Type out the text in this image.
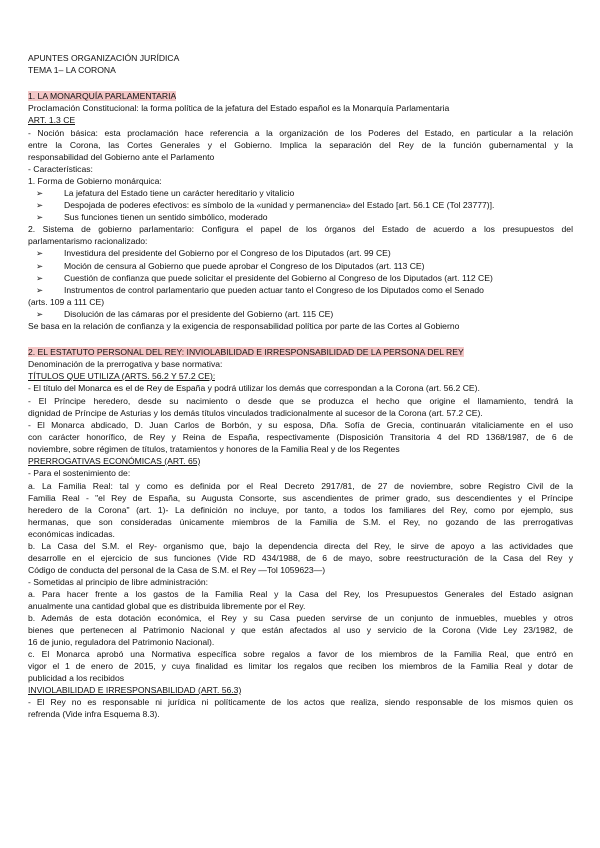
APUNTES ORGANIZACIÓN JURÍDICA
TEMA 1– LA CORONA
1. LA MONARQUÍA PARLAMENTARIA
Proclamación Constitucional: la forma política de la jefatura del Estado español es la Monarquía Parlamentaria
ART. 1.3 CE
- Noción básica: esta proclamación hace referencia a la organización de los Poderes del Estado, en particular a la relación
entre la Corona, las Cortes Generales y el Gobierno. Implica la separación del Rey de la función gubernamental y la
responsabilidad del Gobierno ante el Parlamento
- Características:
1. Forma de Gobierno monárquica:
➢	La jefatura del Estado tiene un carácter hereditario y vitalicio
➢	Despojada de poderes efectivos: es símbolo de la «unidad y permanencia» del Estado [art. 56.1 CE (Tol 23777)].
➢	Sus funciones tienen un sentido simbólico, moderado
2. Sistema de gobierno parlamentario: Configura el papel de los órganos del Estado de acuerdo a los presupuestos del
parlamentarismo racionalizado:
➢	Investidura del presidente del Gobierno por el Congreso de los Diputados (art. 99 CE)
➢	Moción de censura al Gobierno que puede aprobar el Congreso de los Diputados (art. 113 CE)
➢	Cuestión de confianza que puede solicitar el presidente del Gobierno al Congreso de los Diputados (art. 112 CE)
➢	Instrumentos de control parlamentario que pueden actuar tanto el Congreso de los Diputados como el Senado
(arts. 109 a 111 CE)
➢	Disolución de las cámaras por el presidente del Gobierno (art. 115 CE)
Se basa en la relación de confianza y la exigencia de responsabilidad política por parte de las Cortes al Gobierno
2. EL ESTATUTO PERSONAL DEL REY: INVIOLABILIDAD E IRRESPONSABILIDAD DE LA PERSONA DEL REY
Denominación de la prerrogativa y base normativa:
TÍTULOS QUE UTILIZA (ARTS. 56.2 Y 57.2 CE):
- El título del Monarca es el de Rey de España y podrá utilizar los demás que correspondan a la Corona (art. 56.2 CE).
- El Príncipe heredero, desde su nacimiento o desde que se produzca el hecho que origine el llamamiento, tendrá la
dignidad de Príncipe de Asturias y los demás títulos vinculados tradicionalmente al sucesor de la Corona (art. 57.2 CE).
- El Monarca abdicado, D. Juan Carlos de Borbón, y su esposa, Dña. Sofía de Grecia, continuarán vitaliciamente en el uso
con carácter honorífico, de Rey y Reina de España, respectivamente (Disposición Transitoria 4 del RD 1368/1987, de 6 de
noviembre, sobre régimen de títulos, tratamientos y honores de la Familia Real y de los Regentes
PRERROGATIVAS ECONÓMICAS (ART. 65)
- Para el sostenimiento de:
a. La Familia Real: tal y como es definida por el Real Decreto 2917/81, de 27 de noviembre, sobre Registro Civil de la
Familia Real - "el Rey de España, su Augusta Consorte, sus ascendientes de primer grado, sus descendientes y el Príncipe
heredero de la Corona" (art. 1)- La definición no incluye, por tanto, a todos los familiares del Rey, como por ejemplo, sus
hermanas, que son consideradas únicamente miembros de la Familia de S.M. el Rey, no gozando de las prerrogativas
económicas indicadas.
b. La Casa del S.M. el Rey- organismo que, bajo la dependencia directa del Rey, le sirve de apoyo a las actividades que
desarrolle en el ejercicio de sus funciones (Vide RD 434/1988, de 6 de mayo, sobre reestructuración de la Casa del Rey y
Código de conducta del personal de la Casa de S.M. el Rey —Tol 1059623—)
- Sometidas al principio de libre administración:
a. Para hacer frente a los gastos de la Familia Real y la Casa del Rey, los Presupuestos Generales del Estado asignan
anualmente una cantidad global que es distribuida libremente por el Rey.
b. Además de esta dotación económica, el Rey y su Casa pueden servirse de un conjunto de inmuebles, muebles y otros
bienes que pertenecen al Patrimonio Nacional y que están afectados al uso y servicio de la Corona (Vide Ley 23/1982, de
16 de junio, reguladora del Patrimonio Nacional).
c. El Monarca aprobó una Normativa específica sobre regalos a favor de los miembros de la Familia Real, que entró en
vigor el 1 de enero de 2015, y cuya finalidad es limitar los regalos que reciben los miembros de la Familia Real y dotar de
publicidad a los recibidos
INVIOLABILIDAD E IRRESPONSABILIDAD (ART. 56.3)
- El Rey no es responsable ni jurídica ni políticamente de los actos que realiza, siendo responsable de los mismos quien os
refrenda (Vide infra Esquema 8.3).
